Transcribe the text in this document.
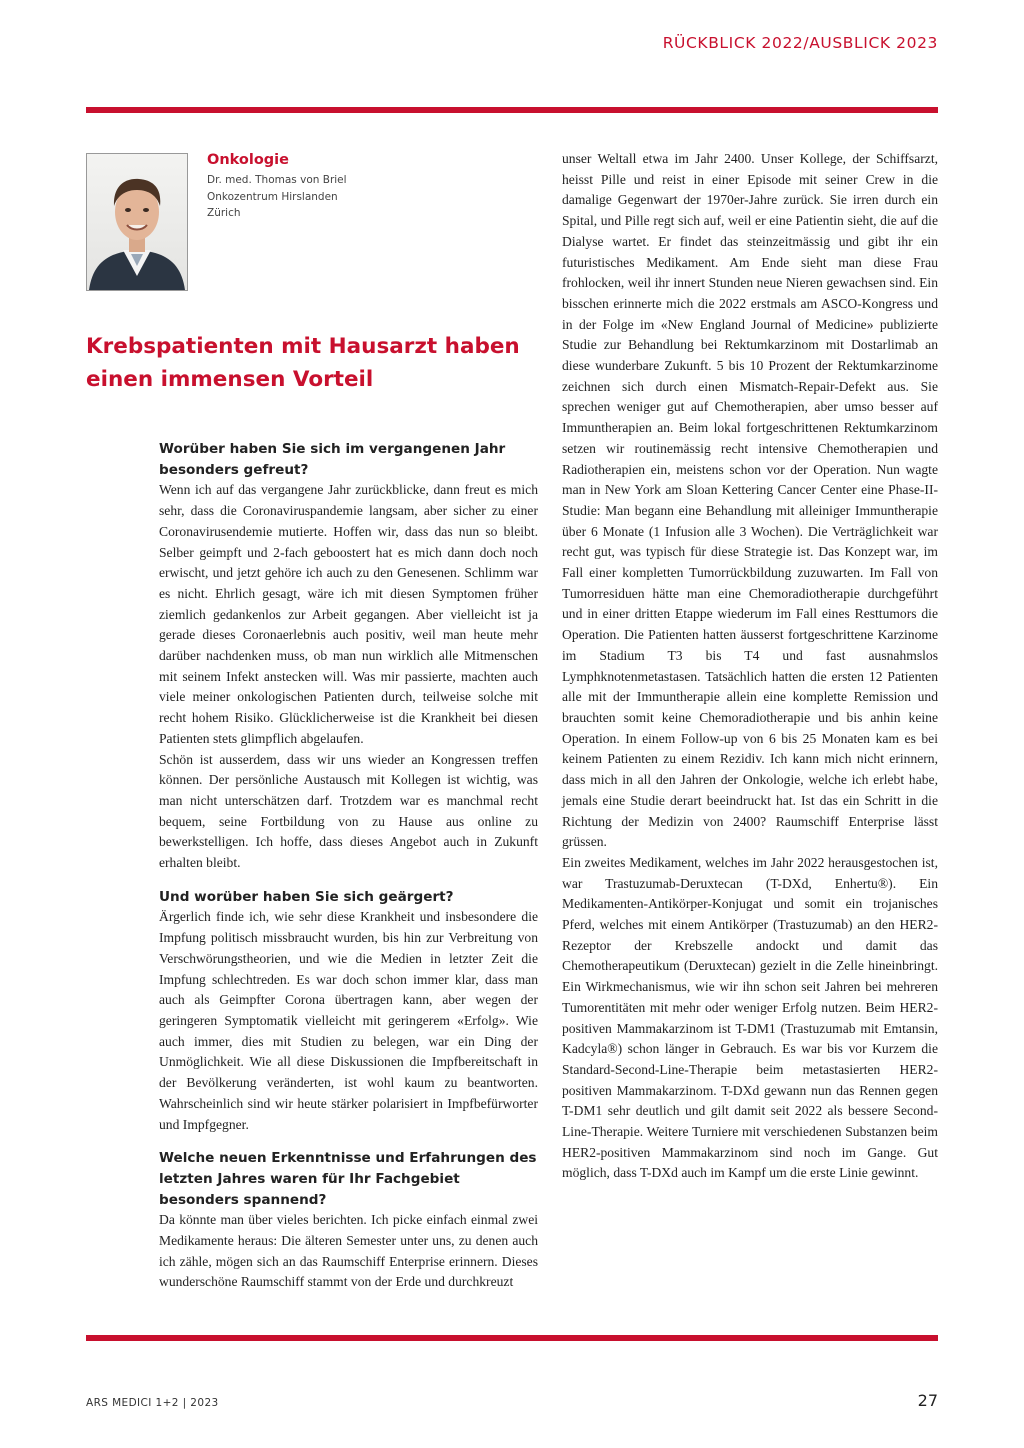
RÜCKBLICK 2022/AUSBLICK 2023
Onkologie
Dr. med. Thomas von Briel
Onkozentrum Hirslanden
Zürich
Krebspatienten mit Hausarzt haben einen immensen Vorteil
Worüber haben Sie sich im vergangenen Jahr besonders gefreut?

Wenn ich auf das vergangene Jahr zurückblicke, dann freut es mich sehr, dass die Coronaviruspandemie langsam, aber sicher zu einer Coronavirusendemie mutierte. Hoffen wir, dass das nun so bleibt. Selber geimpft und 2-fach geboostert hat es mich dann doch noch erwischt, und jetzt gehöre ich auch zu den Genesenen. Schlimm war es nicht. Ehrlich gesagt, wäre ich mit diesen Symptomen früher ziemlich gedankenlos zur Arbeit gegangen. Aber vielleicht ist ja gerade dieses Coronaerlebnis auch positiv, weil man heute mehr darüber nachdenken muss, ob man nun wirklich alle Mitmenschen mit seinem Infekt anstecken will. Was mir passierte, machten auch viele meiner onkologischen Patienten durch, teilweise solche mit recht hohem Risiko. Glücklicherweise ist die Krankheit bei diesen Patienten stets glimpflich abgelaufen.

Schön ist ausserdem, dass wir uns wieder an Kongressen treffen können. Der persönliche Austausch mit Kollegen ist wichtig, was man nicht unterschätzen darf. Trotzdem war es manchmal recht bequem, seine Fortbildung von zu Hause aus online zu bewerkstelligen. Ich hoffe, dass dieses Angebot auch in Zukunft erhalten bleibt.

Und worüber haben Sie sich geärgert?

Ärgerlich finde ich, wie sehr diese Krankheit und insbesondere die Impfung politisch missbraucht wurden, bis hin zur Verbreitung von Verschwörungstheorien, und wie die Medien in letzter Zeit die Impfung schlechtreden. Es war doch schon immer klar, dass man auch als Geimpfter Corona übertragen kann, aber wegen der geringeren Symptomatik vielleicht mit geringerem «Erfolg». Wie auch immer, dies mit Studien zu belegen, war ein Ding der Unmöglichkeit. Wie all diese Diskussionen die Impfbereitschaft in der Bevölkerung veränderten, ist wohl kaum zu beantworten. Wahrscheinlich sind wir heute stärker polarisiert in Impfbefürworter und Impfgegner.

Welche neuen Erkenntnisse und Erfahrungen des letzten Jahres waren für Ihr Fachgebiet besonders spannend?

Da könnte man über vieles berichten. Ich picke einfach einmal zwei Medikamente heraus: Die älteren Semester unter uns, zu denen auch ich zähle, mögen sich an das Raumschiff Enterprise erinnern. Dieses wunderschöne Raumschiff stammt von der Erde und durchkreuzt

unser Weltall etwa im Jahr 2400. Unser Kollege, der Schiffsarzt, heisst Pille und reist in einer Episode mit seiner Crew in die damalige Gegenwart der 1970er-Jahre zurück. Sie irren durch ein Spital, und Pille regt sich auf, weil er eine Patientin sieht, die auf die Dialyse wartet. Er findet das steinzeitmässig und gibt ihr ein futuristisches Medikament. Am Ende sieht man diese Frau frohlocken, weil ihr innert Stunden neue Nieren gewachsen sind. Ein bisschen erinnerte mich die 2022 erstmals am ASCO-Kongress und in der Folge im «New England Journal of Medicine» publizierte Studie zur Behandlung bei Rektumkarzinom mit Dostarlimab an diese wunderbare Zukunft. 5 bis 10 Prozent der Rektumkarzinome zeichnen sich durch einen Mismatch-Repair-Defekt aus. Sie sprechen weniger gut auf Chemotherapien, aber umso besser auf Immuntherapien an. Beim lokal fortgeschrittenen Rektumkarzinom setzen wir routinemässig recht intensive Chemotherapien und Radiotherapien ein, meistens schon vor der Operation. Nun wagte man in New York am Sloan Kettering Cancer Center eine Phase-II-Studie: Man begann eine Behandlung mit alleiniger Immuntherapie über 6 Monate (1 Infusion alle 3 Wochen). Die Verträglichkeit war recht gut, was typisch für diese Strategie ist. Das Konzept war, im Fall einer kompletten Tumorrückbildung zuzuwarten. Im Fall von Tumorresiduen hätte man eine Chemoradiotherapie durchgeführt und in einer dritten Etappe wiederum im Fall eines Resttumors die Operation. Die Patienten hatten äusserst fortgeschrittene Karzinome im Stadium T3 bis T4 und fast ausnahmslos Lymphknotenmetastasen. Tatsächlich hatten die ersten 12 Patienten alle mit der Immuntherapie allein eine komplette Remission und brauchten somit keine Chemoradiotherapie und bis anhin keine Operation. In einem Follow-up von 6 bis 25 Monaten kam es bei keinem Patienten zu einem Rezidiv. Ich kann mich nicht erinnern, dass mich in all den Jahren der Onkologie, welche ich erlebt habe, jemals eine Studie derart beeindruckt hat. Ist das ein Schritt in die Richtung der Medizin von 2400? Raumschiff Enterprise lässt grüssen.

Ein zweites Medikament, welches im Jahr 2022 herausgestochen ist, war Trastuzumab-Deruxtecan (T-DXd, Enhertu®). Ein Medikamenten-Antikörper-Konjugat und somit ein trojanisches Pferd, welches mit einem Antikörper (Trastuzumab) an den HER2-Rezeptor der Krebszelle andockt und damit das Chemotherapeutikum (Deruxtecan) gezielt in die Zelle hineinbringt. Ein Wirkmechanismus, wie wir ihn schon seit Jahren bei mehreren Tumorentitäten mit mehr oder weniger Erfolg nutzen. Beim HER2-positiven Mammakarzinom ist T-DM1 (Trastuzumab mit Emtansin, Kadcyla®) schon länger in Gebrauch. Es war bis vor Kurzem die Standard-Second-Line-Therapie beim metastasierten HER2-positiven Mammakarzinom. T-DXd gewann nun das Rennen gegen T-DM1 sehr deutlich und gilt damit seit 2022 als bessere Second-Line-Therapie. Weitere Turniere mit verschiedenen Substanzen beim HER2-positiven Mammakarzinom sind noch im Gange. Gut möglich, dass T-DXd auch im Kampf um die erste Linie gewinnt.

ARS MEDICI 1+2 | 2023	27
